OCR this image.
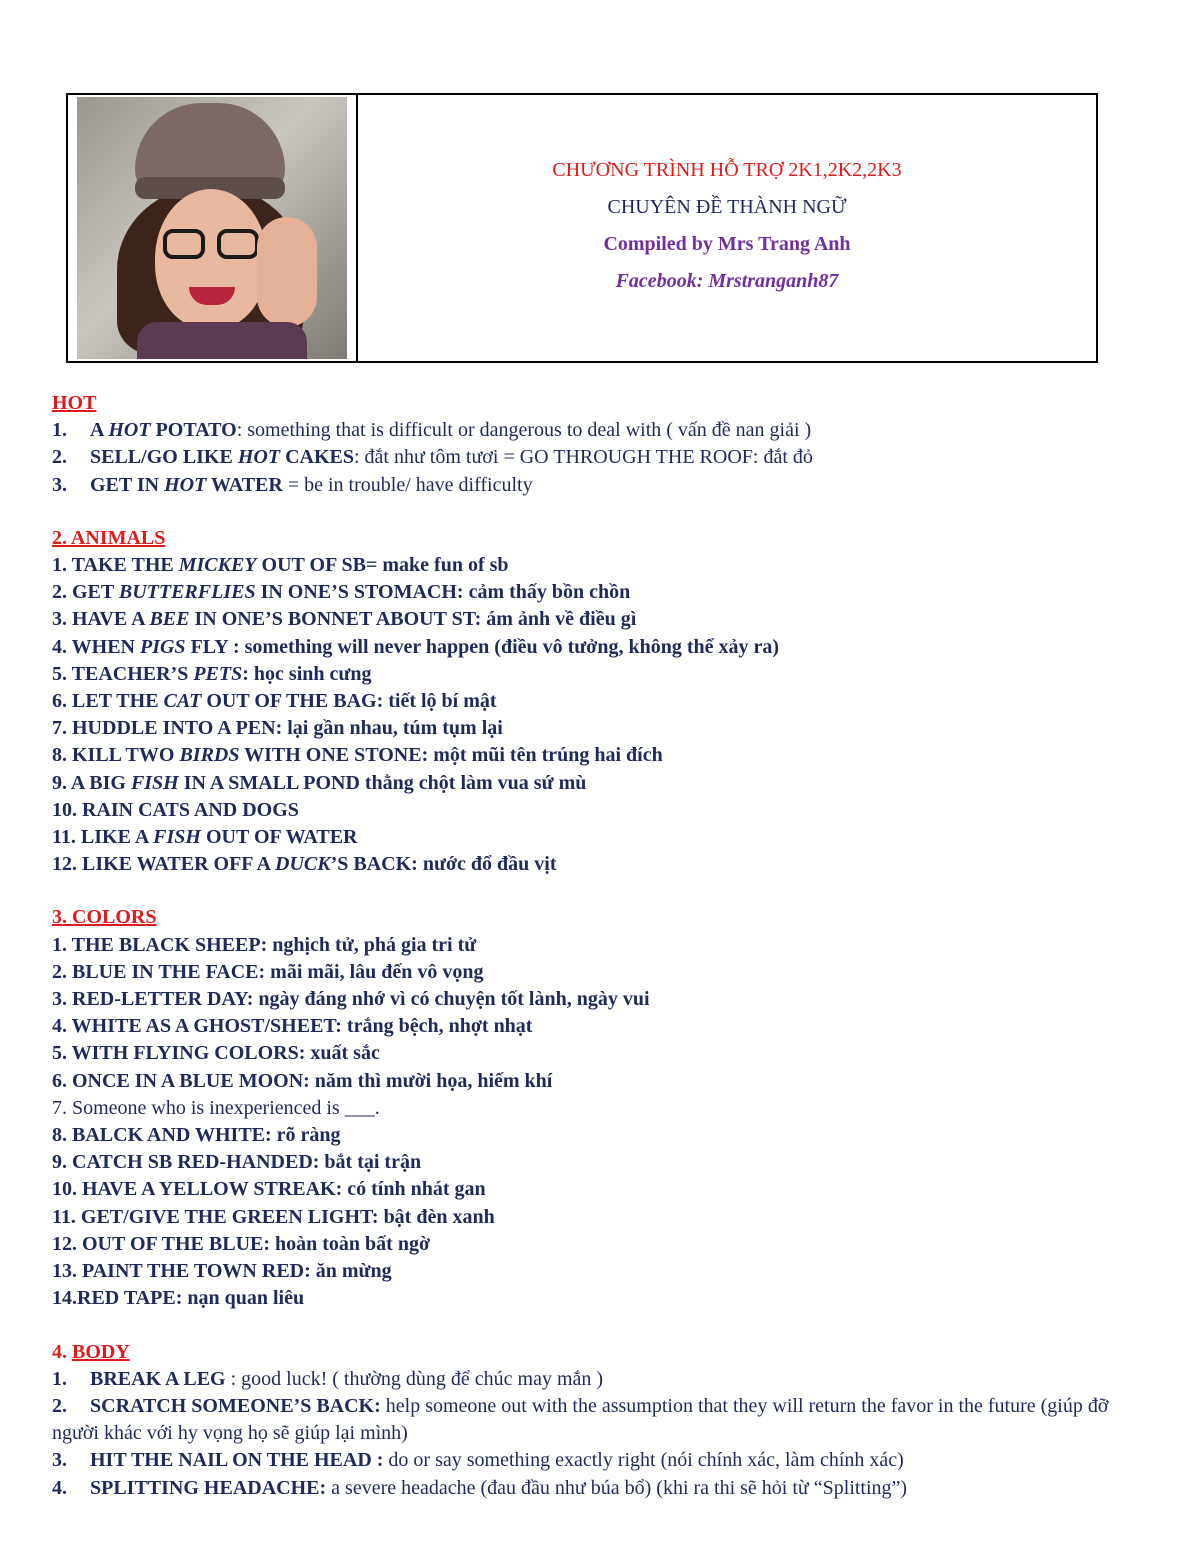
CHƯƠNG TRÌNH HỖ TRỢ 2K1,2K2,2K3
CHUYÊN ĐỀ THÀNH NGỮ
Compiled by Mrs Trang Anh
Facebook: Mrstranganh87
HOT
1. A HOT POTATO: something that is difficult or dangerous to deal with ( vấn đề nan giải )
2. SELL/GO LIKE HOT CAKES: đắt như tôm tươi = GO THROUGH THE ROOF: đắt đỏ
3. GET IN HOT WATER = be in trouble/ have difficulty
2. ANIMALS
1. TAKE THE MICKEY OUT OF SB= make fun of sb
2. GET BUTTERFLIES IN ONE’S STOMACH: cảm thấy bồn chồn
3. HAVE A BEE IN ONE’S BONNET ABOUT ST: ám ảnh về điều gì
4. WHEN PIGS FLY : something will never happen (điều vô tưởng, không thể xảy ra)
5. TEACHER’S PETS: học sinh cưng
6. LET THE CAT OUT OF THE BAG: tiết lộ bí mật
7. HUDDLE INTO A PEN: lại gần nhau, túm tụm lại
8. KILL TWO BIRDS WITH ONE STONE: một mũi tên trúng hai đích
9. A BIG FISH IN A SMALL POND thằng chột làm vua sứ mù
10. RAIN CATS AND DOGS
11. LIKE A FISH OUT OF WATER
12. LIKE WATER OFF A DUCK’S BACK: nước đổ đầu vịt
3. COLORS
1. THE BLACK SHEEP: nghịch tử, phá gia tri tử
2. BLUE IN THE FACE: mãi mãi, lâu đến vô vọng
3. RED-LETTER DAY: ngày đáng nhớ vì có chuyện tốt lành, ngày vui
4. WHITE AS A GHOST/SHEET: trắng bệch, nhợt nhạt
5. WITH FLYING COLORS: xuất sắc
6. ONCE IN A BLUE MOON: năm thì mười họa, hiếm khí
7. Someone who is inexperienced is ___.
8. BALCK AND WHITE: rõ ràng
9. CATCH SB RED-HANDED: bắt tại trận
10. HAVE A YELLOW STREAK: có tính nhát gan
11. GET/GIVE THE GREEN LIGHT: bật đèn xanh
12. OUT OF THE BLUE: hoàn toàn bất ngờ
13. PAINT THE TOWN RED: ăn mừng
14.RED TAPE: nạn quan liêu
4. BODY
1. BREAK A LEG : good luck! ( thường dùng để chúc may mắn )
2. SCRATCH SOMEONE’S BACK: help someone out with the assumption that they will return the favor in the future (giúp đỡ người khác với hy vọng họ sẽ giúp lại mình)
3. HIT THE NAIL ON THE HEAD : do or say something exactly right (nói chính xác, làm chính xác)
4. SPLITTING HEADACHE: a severe headache (đau đầu như búa bổ) (khi ra thi sẽ hỏi từ “Splitting”)
